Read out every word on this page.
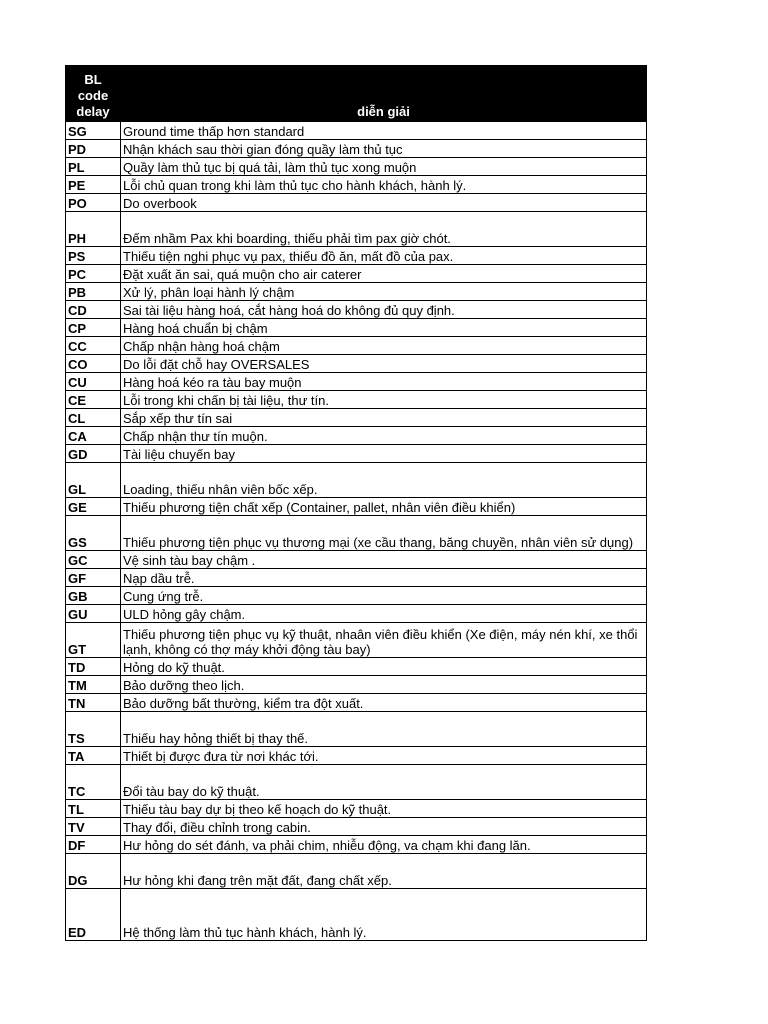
BL code delay	diễn giải
SG	Ground time thấp hơn standard
PD	Nhận khách sau thời gian đóng quầy làm thủ tục
PL	Quầy làm thủ tục bị quá tải, làm thủ tục xong muộn
PE	Lỗi chủ quan trong khi làm thủ tục cho hành khách, hành lý.
PO	Do overbook
PH	Đếm nhầm Pax khi boarding, thiếu phải tìm pax giờ chót.
PS	Thiếu tiện nghi phục vụ pax, thiếu đồ ăn, mất đồ của pax.
PC	Đặt xuất ăn sai, quá muộn cho air caterer
PB	Xử lý, phân loại hành lý chậm
CD	Sai tài liệu hàng hoá, cắt hàng hoá do không đủ quy định.
CP	Hàng hoá chuẩn bị chậm
CC	Chấp nhận hàng hoá chậm
CO	Do lỗi đặt chỗ hay OVERSALES
CU	Hàng hoá kéo ra tàu bay muộn
CE	Lỗi trong khi chấn bị tài liệu, thư tín.
CL	Sắp xếp thư tín sai
CA	Chấp nhận thư tín muộn.
GD	Tài liệu chuyến bay
GL	Loading, thiếu nhân viên bốc xếp.
GE	Thiếu phương tiện chất xếp (Container, pallet, nhân viên điều khiển)
GS	Thiếu phương tiện phục vụ thương mại (xe cầu thang, băng chuyền, nhân viên sử dụng)
GC	Vệ sinh tàu bay chậm .
GF	Nạp dầu trễ.
GB	Cung ứng trễ.
GU	ULD hỏng gây chậm.
GT	Thiếu phương tiện phục vụ kỹ thuật, nhaân viên điều khiển (Xe điện, máy nén khí, xe thổi lạnh, không có thợ máy khởi động tàu bay)
TD	Hỏng do kỹ thuật.
TM	Bảo dưỡng theo lịch.
TN	Bảo dưỡng bất thường, kiểm tra đột xuất.
TS	Thiếu hay hỏng thiết bị thay thế.
TA	Thiết bị được đưa từ nơi khác tới.
TC	Đổi tàu bay do kỹ thuật.
TL	Thiếu tàu bay dự bị theo kế hoạch do kỹ thuật.
TV	Thay đổi, điều chỉnh trong cabin.
DF	Hư hỏng do sét đánh, va phải chim, nhiễu động, va chạm khi đang lăn.
DG	Hư hỏng khi đang trên mặt đất, đang chất xếp.
ED	Hệ thống làm thủ tục hành khách, hành lý.
